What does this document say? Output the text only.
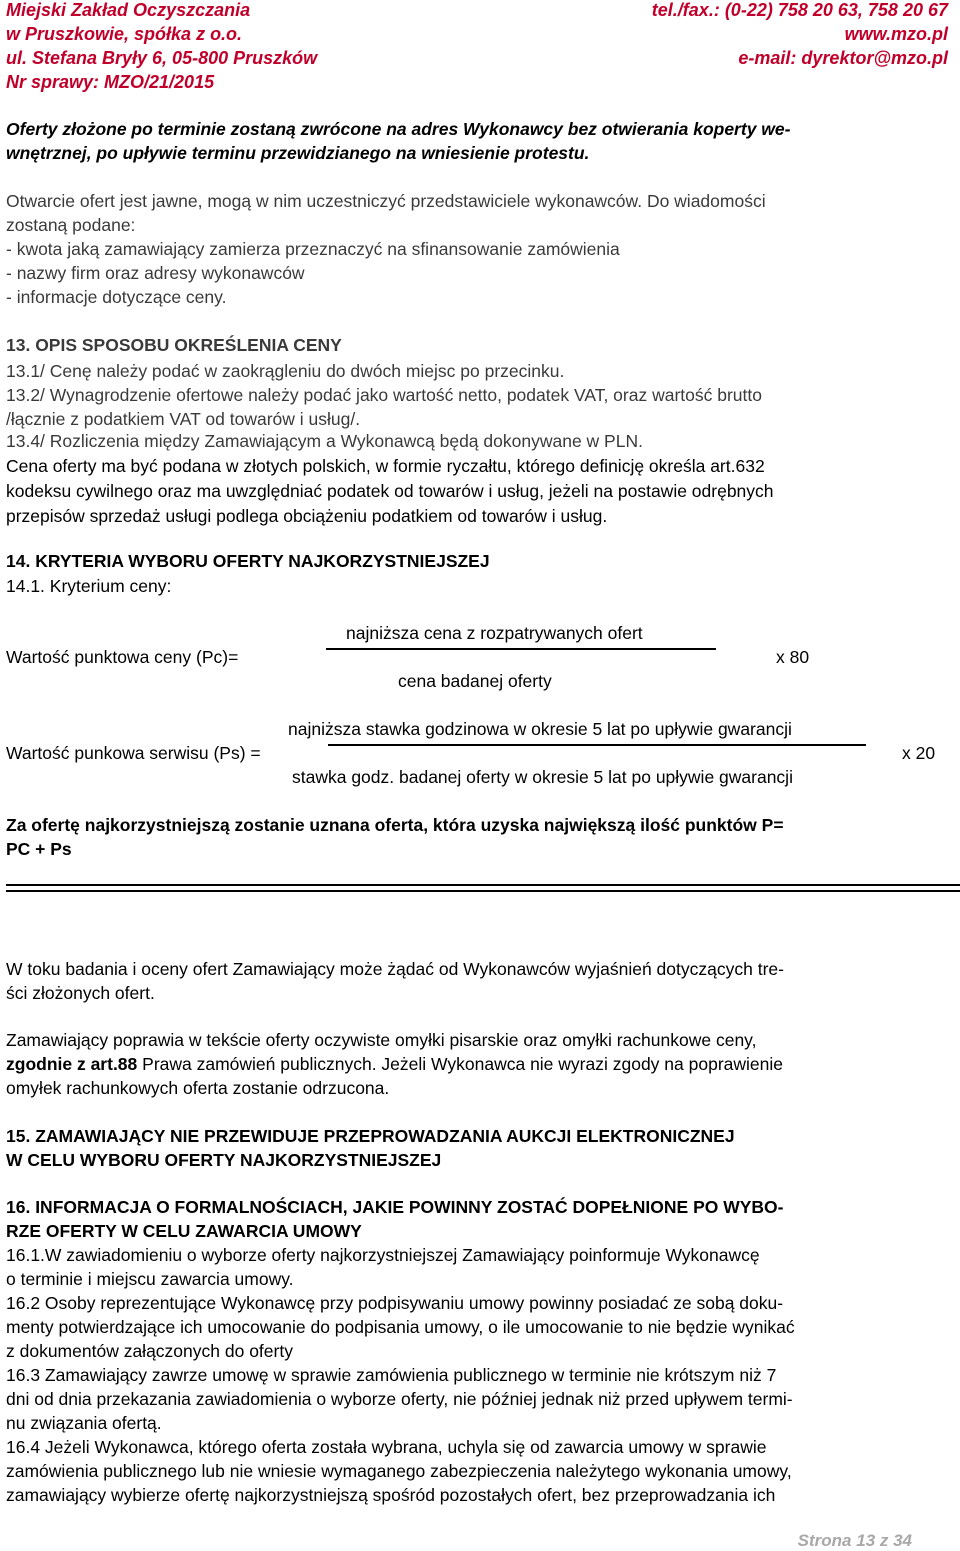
Miejski Zakład Oczyszczania	tel./fax.: (0-22) 758 20 63, 758 20 67
w Pruszkowie, spółka z o.o.	www.mzo.pl
ul. Stefana Bryły 6, 05-800 Pruszków	e-mail: dyrektor@mzo.pl
Nr sprawy: MZO/21/2015
Oferty złożone po terminie zostaną zwrócone na adres Wykonawcy bez otwierania koperty we-
wnętrznej, po upływie terminu przewidzianego na wniesienie protestu.
Otwarcie ofert jest jawne, mogą w nim uczestniczyć przedstawiciele wykonawców. Do wiadomości
zostaną podane:
- kwota jaką zamawiający zamierza przeznaczyć na sfinansowanie zamówienia
- nazwy firm oraz adresy wykonawców
- informacje dotyczące ceny.
13. OPIS SPOSOBU OKREŚLENIA CENY
13.1/ Cenę należy podać w zaokrągleniu do dwóch miejsc po przecinku.
13.2/ Wynagrodzenie ofertowe należy podać jako wartość netto, podatek VAT, oraz wartość brutto
/łącznie z podatkiem VAT od towarów i usług/.
13.4/ Rozliczenia między Zamawiającym a Wykonawcą będą dokonywane w PLN.
Cena oferty ma być podana w złotych polskich, w formie ryczałtu, którego definicję określa art.632
kodeksu cywilnego oraz ma uwzględniać podatek od towarów i usług, jeżeli na postawie odrębnych
przepisów sprzedaż usługi podlega obciążeniu podatkiem od towarów i usług.
14. KRYTERIA WYBORU OFERTY NAJKORZYSTNIEJSZEJ
14.1. Kryterium ceny:
najniższa cena z rozpatrywanych ofert
Wartość punktowa ceny (Pc)=	x 80
cena badanej oferty
najniższa stawka godzinowa w okresie 5 lat po upływie gwarancji
Wartość punkowa serwisu (Ps) =	x 20
stawka godz. badanej oferty w okresie 5 lat po upływie gwarancji
Za ofertę najkorzystniejszą zostanie uznana oferta, która uzyska największą ilość punktów P=
PC + Ps
W toku badania i oceny ofert Zamawiający może żądać od Wykonawców wyjaśnień dotyczących tre-
ści złożonych ofert.
Zamawiający poprawia w tekście oferty oczywiste omyłki pisarskie oraz omyłki rachunkowe ceny,
zgodnie z art.88 Prawa zamówień publicznych. Jeżeli Wykonawca nie wyrazi zgody na poprawienie
omyłek rachunkowych oferta zostanie odrzucona.
15. ZAMAWIAJĄCY NIE PRZEWIDUJE PRZEPROWADZANIA AUKCJI ELEKTRONICZNEJ
W CELU WYBORU OFERTY NAJKORZYSTNIEJSZEJ
16. INFORMACJA O FORMALNOŚCIACH, JAKIE POWINNY ZOSTAĆ DOPEŁNIONE PO WYBO-
RZE OFERTY W CELU ZAWARCIA UMOWY
16.1.W zawiadomieniu o wyborze oferty najkorzystniejszej Zamawiający poinformuje Wykonawcę
o terminie i miejscu zawarcia umowy.
16.2 Osoby reprezentujące Wykonawcę przy podpisywaniu umowy powinny posiadać ze sobą doku-
menty potwierdzające ich umocowanie do podpisania umowy, o ile umocowanie to nie będzie wynikać
z dokumentów załączonych do oferty
16.3 Zamawiający zawrze umowę w sprawie zamówienia publicznego w terminie nie krótszym niż 7
dni od dnia przekazania zawiadomienia o wyborze oferty, nie później jednak niż przed upływem termi-
nu związania ofertą.
16.4 Jeżeli Wykonawca, którego oferta została wybrana, uchyla się od zawarcia umowy w sprawie
zamówienia publicznego lub nie wniesie wymaganego zabezpieczenia należytego wykonania umowy,
zamawiający wybierze ofertę najkorzystniejszą spośród pozostałych ofert, bez przeprowadzania ich
Strona 13 z 34
